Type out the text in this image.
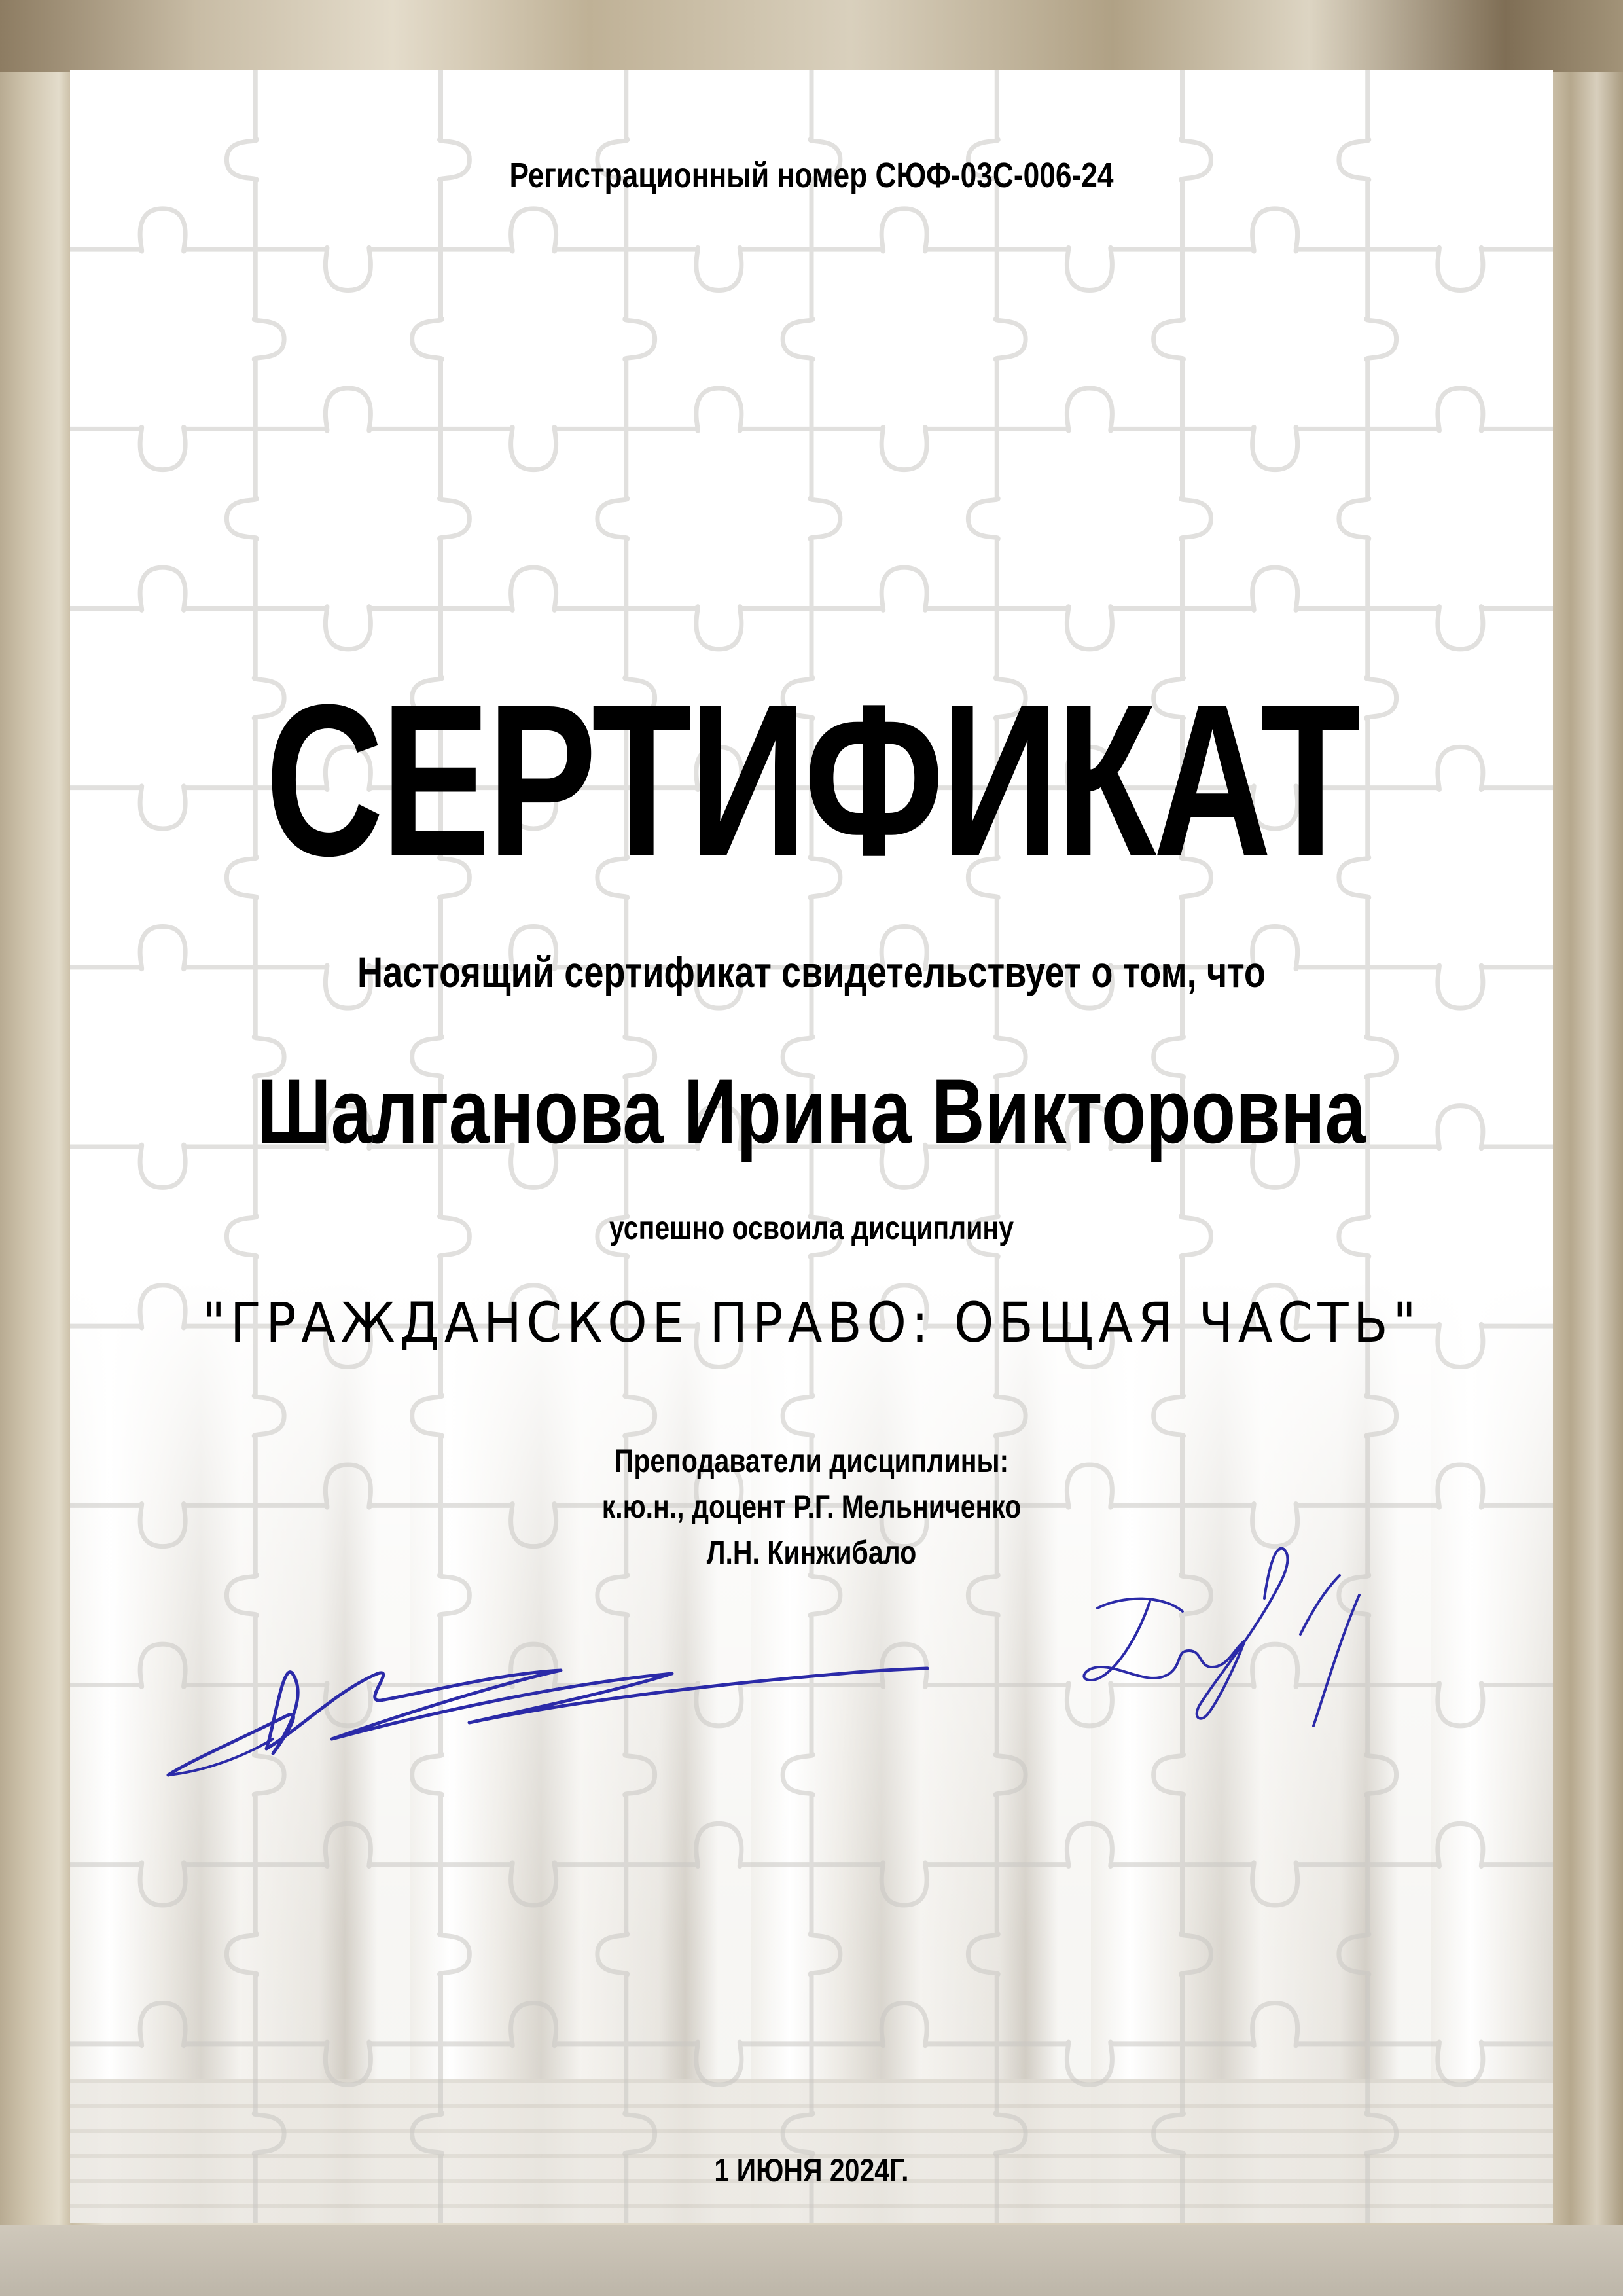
Регистрационный номер СЮФ-03С-006-24
СЕРТИФИКАТ
Настоящий сертификат свидетельствует о том, что
Шалганова Ирина Викторовна
успешно освоила дисциплину
"ГРАЖДАНСКОЕ ПРАВО: ОБЩАЯ ЧАСТЬ"
Преподаватели дисциплины:
к.ю.н., доцент Р.Г. Мельниченко
Л.Н. Кинжибало
1 ИЮНЯ 2024Г.
